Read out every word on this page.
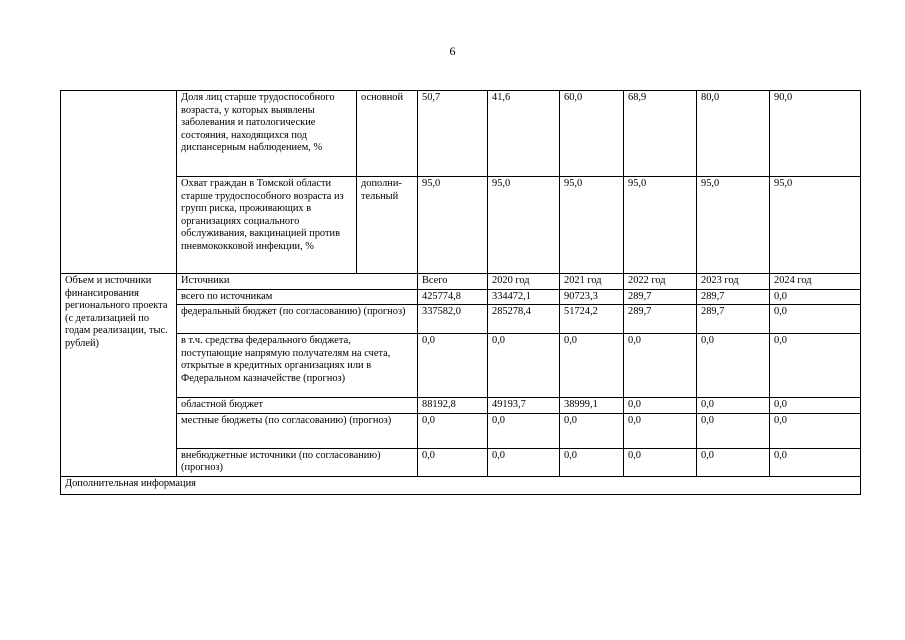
6
	Доля лиц старше трудоспособного возраста, у которых выявлены заболевания и патологические состояния, находящихся под диспансерным наблюдением, %	основной	50,7	41,6	60,0	68,9	80,0	90,0
	Охват граждан в Томской области старше трудоспособного возраста из групп риска, проживающих в организациях социального обслуживания, вакцинацией против пневмококковой инфекции, %	дополни-тельный	95,0	95,0	95,0	95,0	95,0	95,0
Объем и источники финансирования регионального проекта (с детализацией по годам реализации, тыс. рублей)	Источники		Всего	2020 год	2021 год	2022 год	2023 год	2024 год
	всего по источникам		425774,8	334472,1	90723,3	289,7	289,7	0,0
	федеральный бюджет (по согласованию) (прогноз)		337582,0	285278,4	51724,2	289,7	289,7	0,0
	в т.ч. средства федерального бюджета, поступающие напрямую получателям на счета, открытые в кредитных организациях или в Федеральном казначействе (прогноз)		0,0	0,0	0,0	0,0	0,0	0,0
	областной бюджет		88192,8	49193,7	38999,1	0,0	0,0	0,0
	местные бюджеты (по согласованию) (прогноз)		0,0	0,0	0,0	0,0	0,0	0,0
	внебюджетные источники (по согласованию) (прогноз)		0,0	0,0	0,0	0,0	0,0	0,0
Дополнительная информация								
